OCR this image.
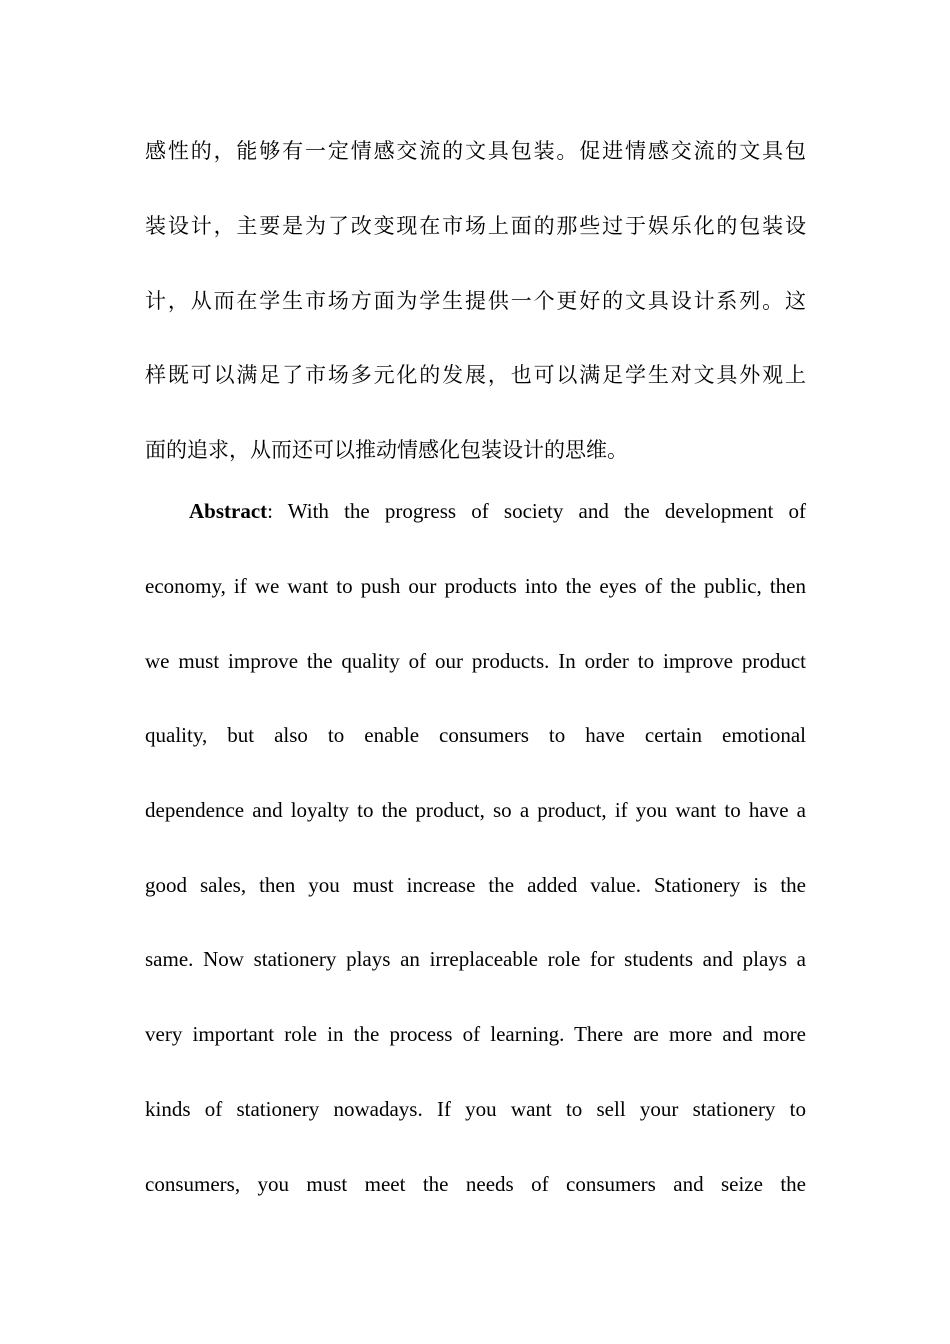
感性的，能够有一定情感交流的文具包装。促进情感交流的文具包
装设计，主要是为了改变现在市场上面的那些过于娱乐化的包装设
计，从而在学生市场方面为学生提供一个更好的文具设计系列。这
样既可以满足了市场多元化的发展，也可以满足学生对文具外观上
面的追求，从而还可以推动情感化包装设计的思维。
Abstract: With the progress of society and the development of
economy, if we want to push our products into the eyes of the public, then
we must improve the quality of our products. In order to improve product
quality, but also to enable consumers to have certain emotional
dependence and loyalty to the product, so a product, if you want to have a
good sales, then you must increase the added value. Stationery is the
same. Now stationery plays an irreplaceable role for students and plays a
very important role in the process of learning. There are more and more
kinds of stationery nowadays. If you want to sell your stationery to
consumers, you must meet the needs of consumers and seize the
